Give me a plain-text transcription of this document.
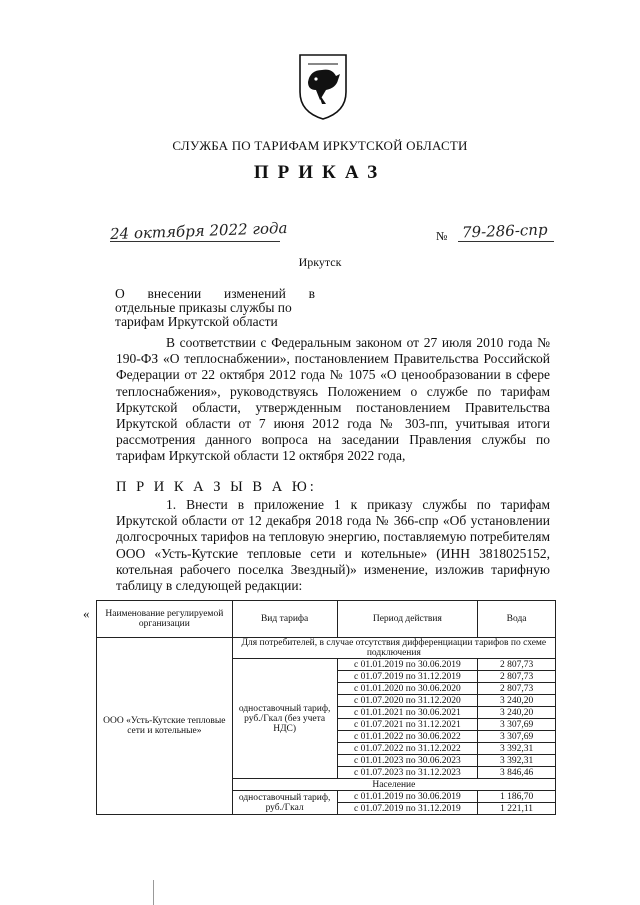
СЛУЖБА ПО ТАРИФАМ ИРКУТСКОЙ ОБЛАСТИ
ПРИКАЗ
24 октября 2022 года	№ 79-286-спр
Иркутск
О внесении изменений в
отдельные приказы службы по
тарифам Иркутской области
В соответствии с Федеральным законом от 27 июля 2010 года № 190-ФЗ «О теплоснабжении», постановлением Правительства Российской Федерации от 22 октября 2012 года № 1075 «О ценообразовании в сфере теплоснабжения», руководствуясь Положением о службе по тарифам Иркутской области, утвержденным постановлением Правительства Иркутской области от 7 июня 2012 года № 303-пп, учитывая итоги рассмотрения данного вопроса на заседании Правления службы по тарифам Иркутской области 12 октября 2022 года,
П Р И К А З Ы В А Ю:
1. Внести в приложение 1 к приказу службы по тарифам Иркутской области от 12 декабря 2018 года № 366-спр «Об установлении долгосрочных тарифов на тепловую энергию, поставляемую потребителям ООО «Усть-Кутские тепловые сети и котельные» (ИНН 3818025152, котельная рабочего поселка Звездный)» изменение, изложив тарифную таблицу в следующей редакции:
« Наименование регулируемой организации	Вид тарифа	Период действия	Вода
ООО «Усть-Кутские тепловые сети и котельные»	Для потребителей, в случае отсутствия дифференциации тарифов по схеме подключения		
	одноставочный тариф, руб./Гкал (без учета НДС)	с 01.01.2019 по 30.06.2019	2 807,73
		с 01.07.2019 по 31.12.2019	2 807,73
		с 01.01.2020 по 30.06.2020	2 807,73
		с 01.07.2020 по 31.12.2020	3 240,20
		с 01.01.2021 по 30.06.2021	3 240,20
		с 01.07.2021 по 31.12.2021	3 307,69
		с 01.01.2022 по 30.06.2022	3 307,69
		с 01.07.2022 по 31.12.2022	3 392,31
		с 01.01.2023 по 30.06.2023	3 392,31
		с 01.07.2023 по 31.12.2023	3 846,46
	Население		
	одноставочный тариф, руб./Гкал	с 01.01.2019 по 30.06.2019	1 186,70
		с 01.07.2019 по 31.12.2019	1 221,11
